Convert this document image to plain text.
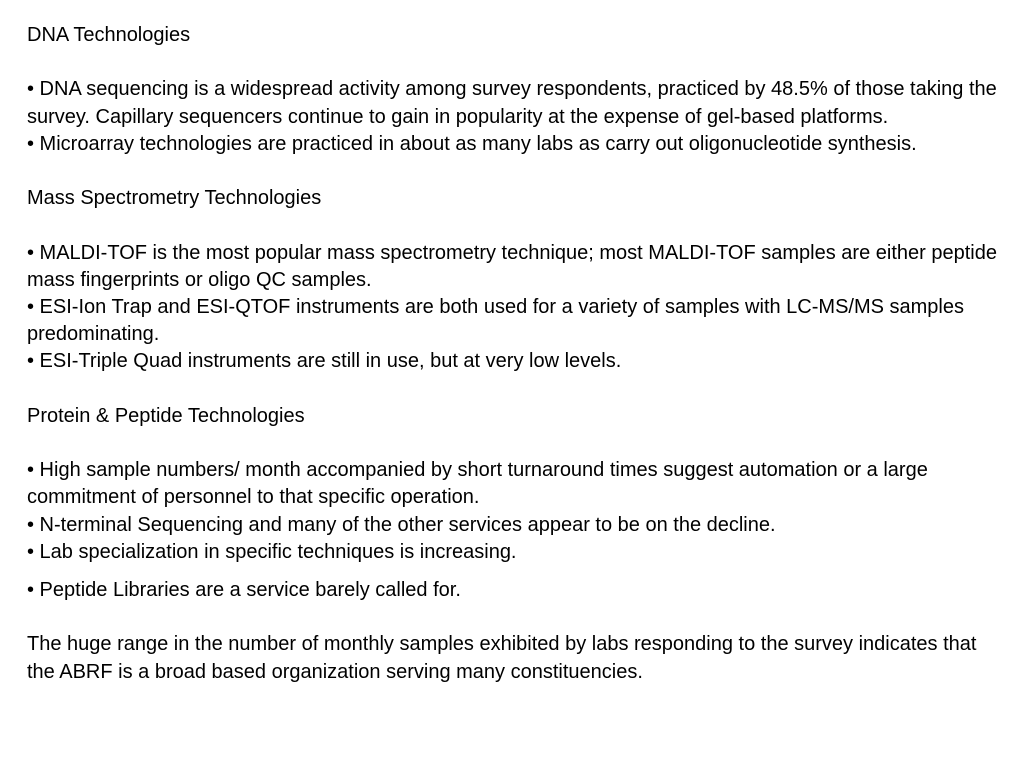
DNA Technologies

• DNA sequencing is a widespread activity among survey respondents, practiced by 48.5% of those taking the survey. Capillary sequencers continue to gain in popularity at the expense of gel-based platforms.

• Microarray technologies are practiced in about as many labs as carry out oligonucleotide synthesis.

Mass Spectrometry Technologies

• MALDI-TOF is the most popular mass spectrometry technique; most MALDI-TOF samples are either peptide mass fingerprints or oligo QC samples.

• ESI-Ion Trap and ESI-QTOF instruments are both used for a variety of samples with LC-MS/MS samples predominating.

• ESI-Triple Quad instruments are still in use, but at very low levels.

Protein & Peptide Technologies

• High sample numbers/ month accompanied by short turnaround times suggest automation or a large commitment of personnel to that specific operation.

• N-terminal Sequencing and many of the other services appear to be on the decline.

• Lab specialization in specific techniques is increasing.

• Peptide Libraries are a service barely called for.

The huge range in the number of monthly samples exhibited by labs responding to the survey indicates that the ABRF is a broad based organization serving many constituencies.
